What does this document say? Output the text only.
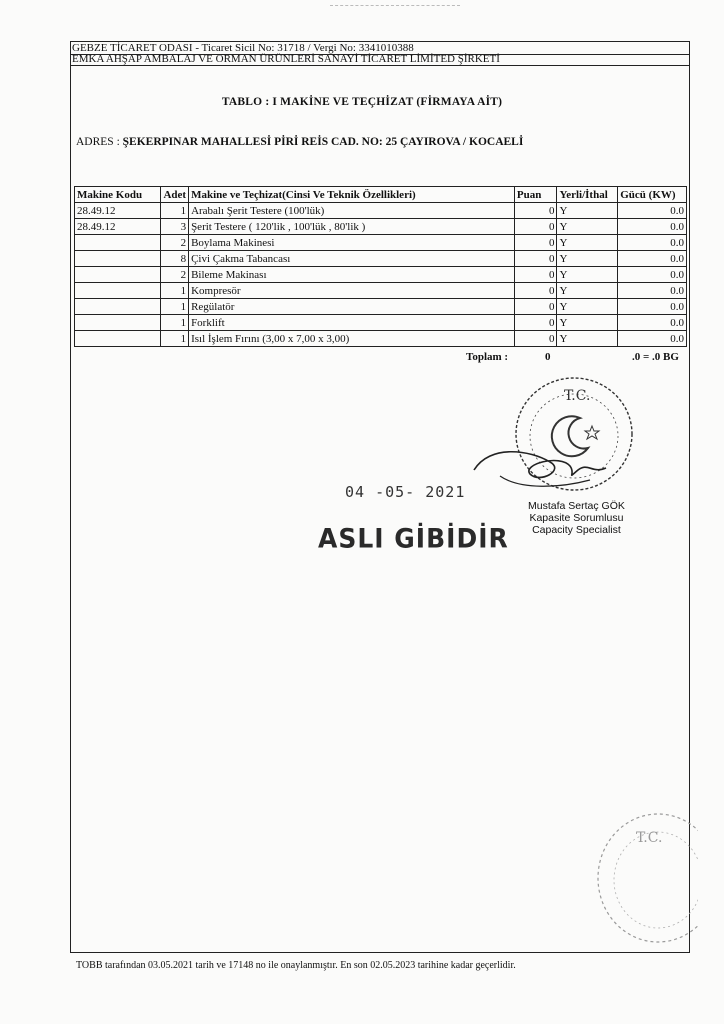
GEBZE TİCARET ODASI - Ticaret Sicil No: 31718 / Vergi No: 3341010388
EMKA AHŞAP AMBALAJ VE ORMAN ÜRÜNLERİ SANAYİ TİCARET LİMİTED ŞİRKETİ
TABLO : I MAKİNE VE TEÇHİZAT (FİRMAYA AİT)
ADRES : ŞEKERPINAR MAHALLESİ PİRİ REİS CAD. NO: 25 ÇAYIROVA / KOCAELİ
Makine Kodu	Adet	Makine ve Teçhizat(Cinsi Ve Teknik Özellikleri)	Puan	Yerli/İthal	Gücü (KW)
28.49.12	1	Arabalı Şerit Testere (100'lük)	0	Y	0.0
28.49.12	3	Şerit Testere ( 120'lik , 100'lük , 80'lik )	0	Y	0.0
	2	Boylama Makinesi	0	Y	0.0
	8	Çivi Çakma Tabancası	0	Y	0.0
	2	Bileme Makinası	0	Y	0.0
	1	Kompresör	0	Y	0.0
	1	Regülatör	0	Y	0.0
	1	Forklift	0	Y	0.0
	1	Isıl İşlem Fırını (3,00 x 7,00 x 3,00)	0	Y	0.0
Toplam :	0	.0 = .0 BG
T.C.
04 -05- 2021
ASLI GİBİDİR
Mustafa Sertaç GÖK
Kapasite Sorumlusu
Capacity Specialist
T.C.
TOBB tarafından 03.05.2021 tarih ve 17148 no ile onaylanmıştır. En son 02.05.2023 tarihine kadar geçerlidir.
